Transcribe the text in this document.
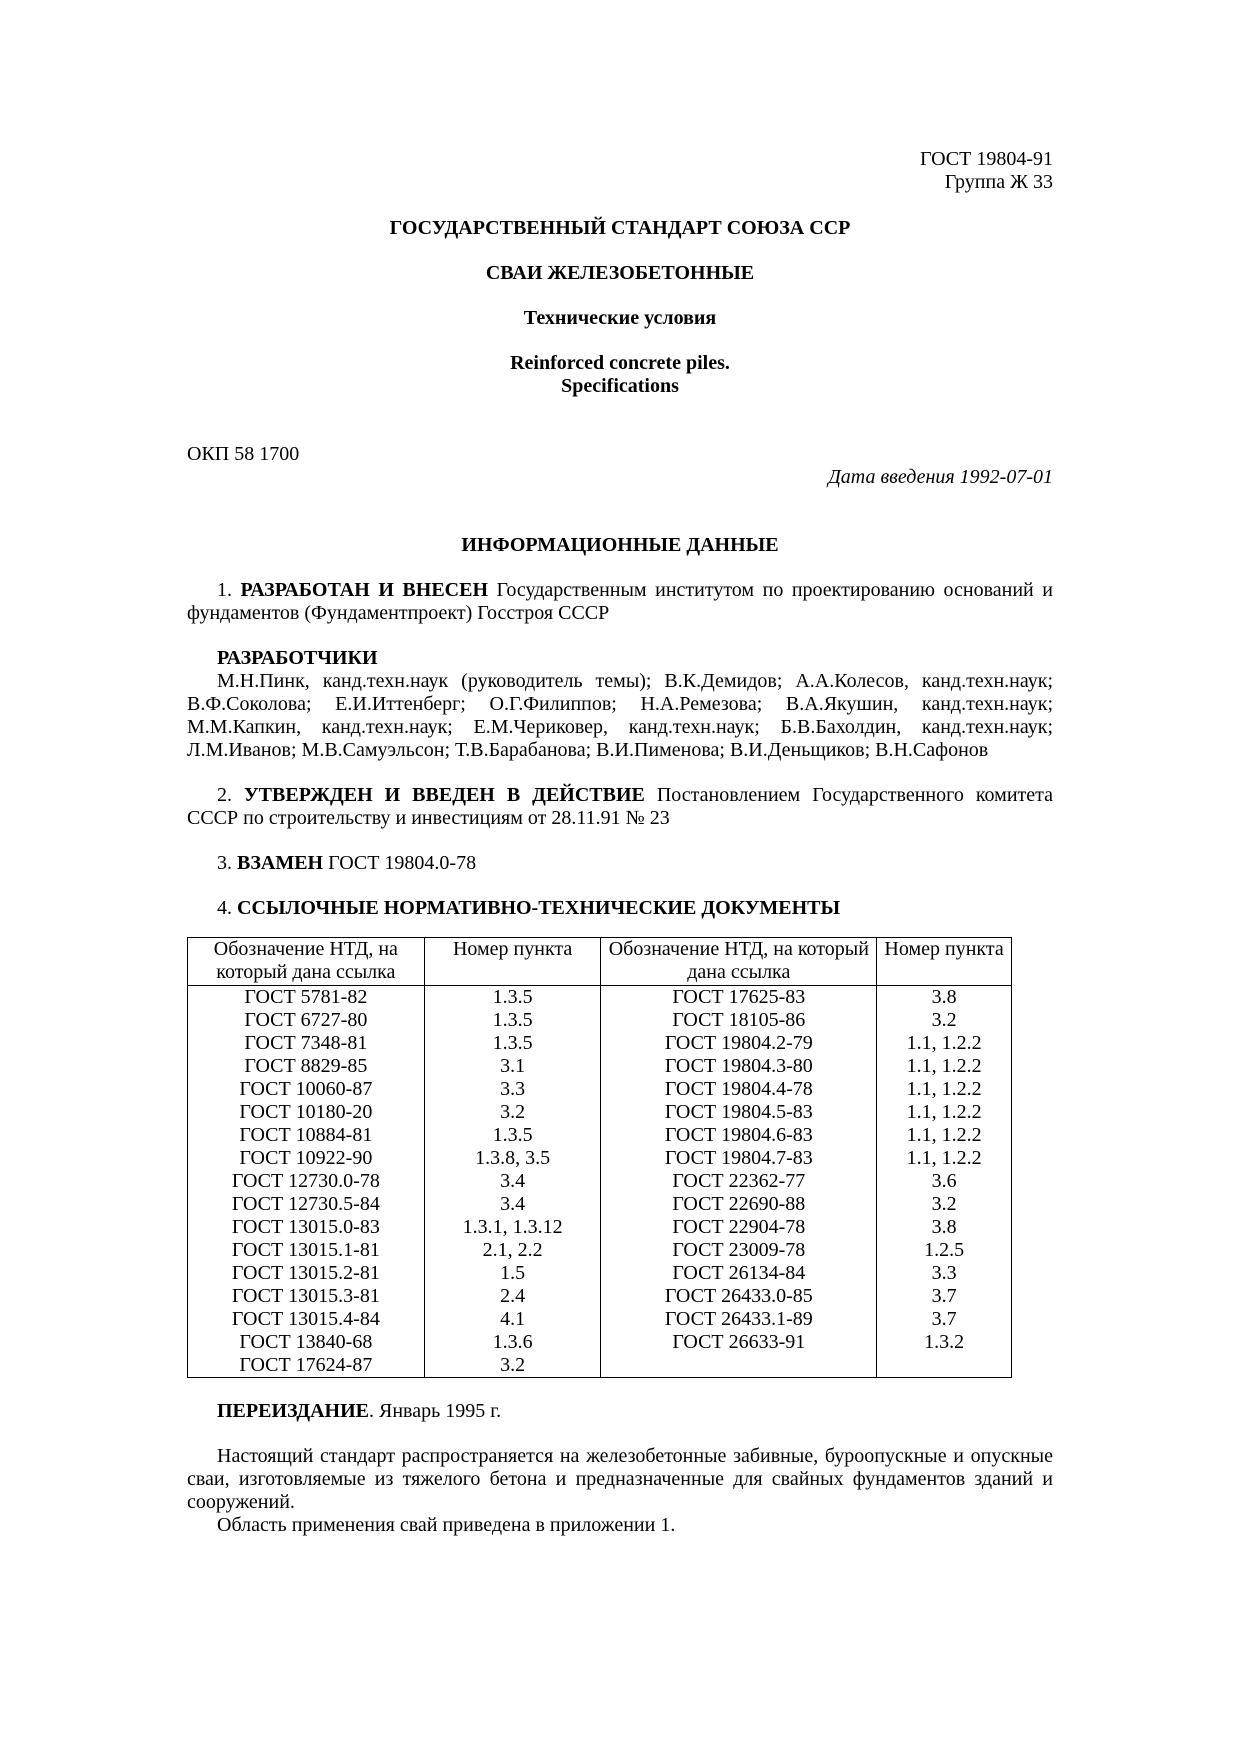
ГОСТ 19804-91

Группа Ж 33

ГОСУДАРСТВЕННЫЙ СТАНДАРТ СОЮЗА ССР

СВАИ ЖЕЛЕЗОБЕТОННЫЕ

Технические условия

Reinforced concrete piles.

Specifications

ОКП 58 1700

Дата введения 1992-07-01

ИНФОРМАЦИОННЫЕ ДАННЫЕ

1. РАЗРАБОТАН И ВНЕСЕН Государственным институтом по проектированию оснований и фундаментов (Фундаментпроект) Госстроя СССР

РАЗРАБОТЧИКИ

М.Н.Пинк, канд.техн.наук (руководитель темы); В.К.Демидов; А.А.Колесов, канд.техн.наук; В.Ф.Соколова; Е.И.Иттенберг; О.Г.Филиппов; Н.А.Ремезова; В.А.Якушин, канд.техн.наук; М.М.Капкин, канд.техн.наук; Е.М.Чериковер, канд.техн.наук; Б.В.Бахолдин, канд.техн.наук; Л.М.Иванов; М.В.Самуэльсон; Т.В.Барабанова; В.И.Пименова; В.И.Деньщиков; В.Н.Сафонов

2. УТВЕРЖДЕН И ВВЕДЕН В ДЕЙСТВИЕ Постановлением Государственного комитета СССР по строительству и инвестициям от 28.11.91 № 23

3. ВЗАМЕН ГОСТ 19804.0-78

4. ССЫЛОЧНЫЕ НОРМАТИВНО-ТЕХНИЧЕСКИЕ ДОКУМЕНТЫ

Обозначение НТД, на который дана ссылка	Номер пункта	Обозначение НТД, на который дана ссылка	Номер пункта
ГОСТ 5781-82	1.3.5	ГОСТ 17625-83	3.8
ГОСТ 6727-80	1.3.5	ГОСТ 18105-86	3.2
ГОСТ 7348-81	1.3.5	ГОСТ 19804.2-79	1.1, 1.2.2
ГОСТ 8829-85	3.1	ГОСТ 19804.3-80	1.1, 1.2.2
ГОСТ 10060-87	3.3	ГОСТ 19804.4-78	1.1, 1.2.2
ГОСТ 10180-20	3.2	ГОСТ 19804.5-83	1.1, 1.2.2
ГОСТ 10884-81	1.3.5	ГОСТ 19804.6-83	1.1, 1.2.2
ГОСТ 10922-90	1.3.8, 3.5	ГОСТ 19804.7-83	1.1, 1.2.2
ГОСТ 12730.0-78	3.4	ГОСТ 22362-77	3.6
ГОСТ 12730.5-84	3.4	ГОСТ 22690-88	3.2
ГОСТ 13015.0-83	1.3.1, 1.3.12	ГОСТ 22904-78	3.8
ГОСТ 13015.1-81	2.1, 2.2	ГОСТ 23009-78	1.2.5
ГОСТ 13015.2-81	1.5	ГОСТ 26134-84	3.3
ГОСТ 13015.3-81	2.4	ГОСТ 26433.0-85	3.7
ГОСТ 13015.4-84	4.1	ГОСТ 26433.1-89	3.7
ГОСТ 13840-68	1.3.6	ГОСТ 26633-91	1.3.2
ГОСТ 17624-87	3.2		

ПЕРЕИЗДАНИЕ. Январь 1995 г.

Настоящий стандарт распространяется на железобетонные забивные, буроопускные и опускные сваи, изготовляемые из тяжелого бетона и предназначенные для свайных фундаментов зданий и сооружений.

Область применения свай приведена в приложении 1.
